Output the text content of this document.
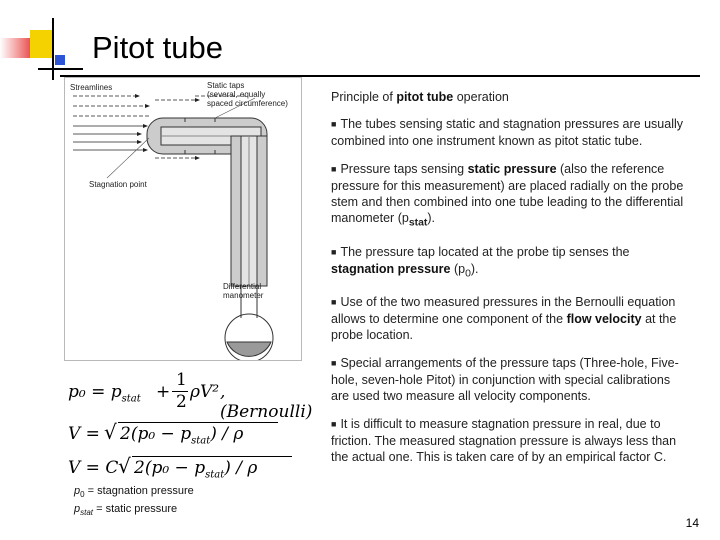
Pitot tube
Streamlines	Static taps
(several, equally
spaced circumference)
Stagnation point
Differential
manometer

Principle of pitot tube operation

■ The tubes sensing static and stagnation pressures are usually combined into one instrument known as pitot static tube.

■ Pressure taps sensing static pressure (also the reference pressure for this measurement) are placed radially on the probe stem and then combined into one tube leading to the differential manometer $(p_{stat})$.

■ The pressure tap located at the probe tip senses the stagnation pressure $(p_0)$.

■ Use of the two measured pressures in the Bernoulli equation allows to determine one component of the flow velocity at the probe location.

■ Special arrangements of the pressure taps (Three-hole, Five-hole, seven-hole Pitot) in conjunction with special calibrations are used two measure all velocity components.

■ It is difficult to measure stagnation pressure in real, due to friction. The measured stagnation pressure is always less than the actual one. This is taken care of by an empirical factor C.

$p_0 = p_{stat}$ +
1
2 ρV² , (Bernoulli)
V = √ $2(p_0 - p_{stat}) / \rho$
V = C √ $2(p_0 - p_{stat}) / \rho$
$p_0$ = stagnation pressure
$p_{stat}$ = static pressure
14
